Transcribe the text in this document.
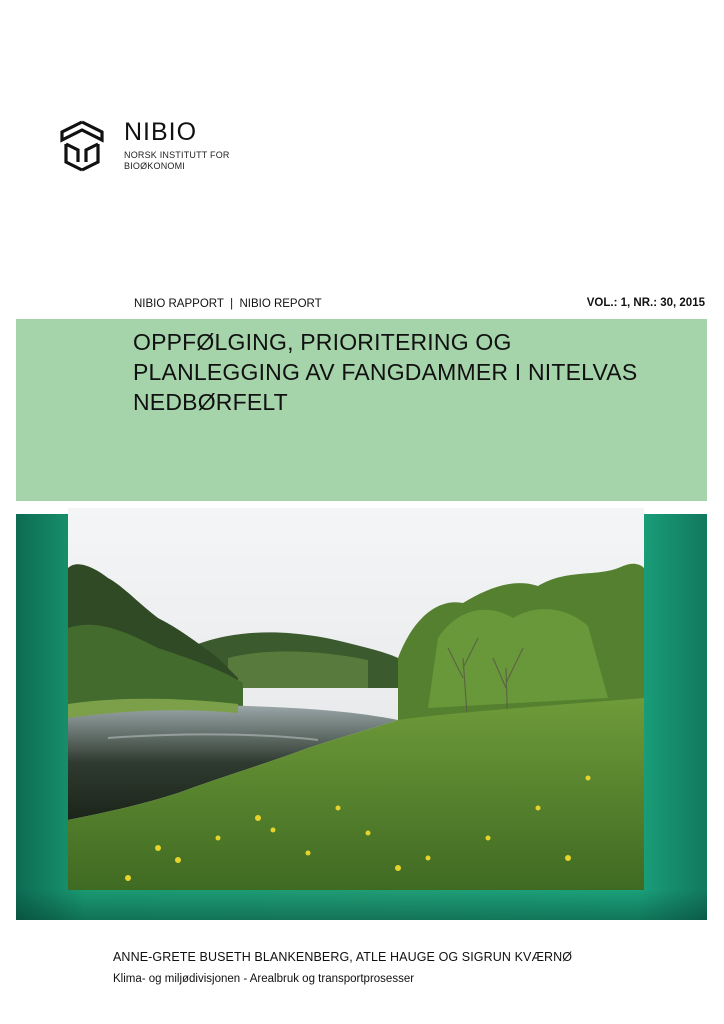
NIBIO
NORSK INSTITUTT FOR
BIOØKONOMI
NIBIO RAPPORT  |  NIBIO REPORT	VOL.: 1, NR.: 30, 2015
OPPFØLGING, PRIORITERING OG
PLANLEGGING AV FANGDAMMER I NITELVAS
NEDBØRFELT
ANNE-GRETE BUSETH BLANKENBERG, ATLE HAUGE OG SIGRUN KVÆRNØ
Klima- og miljødivisjonen - Arealbruk og transportprosesser
